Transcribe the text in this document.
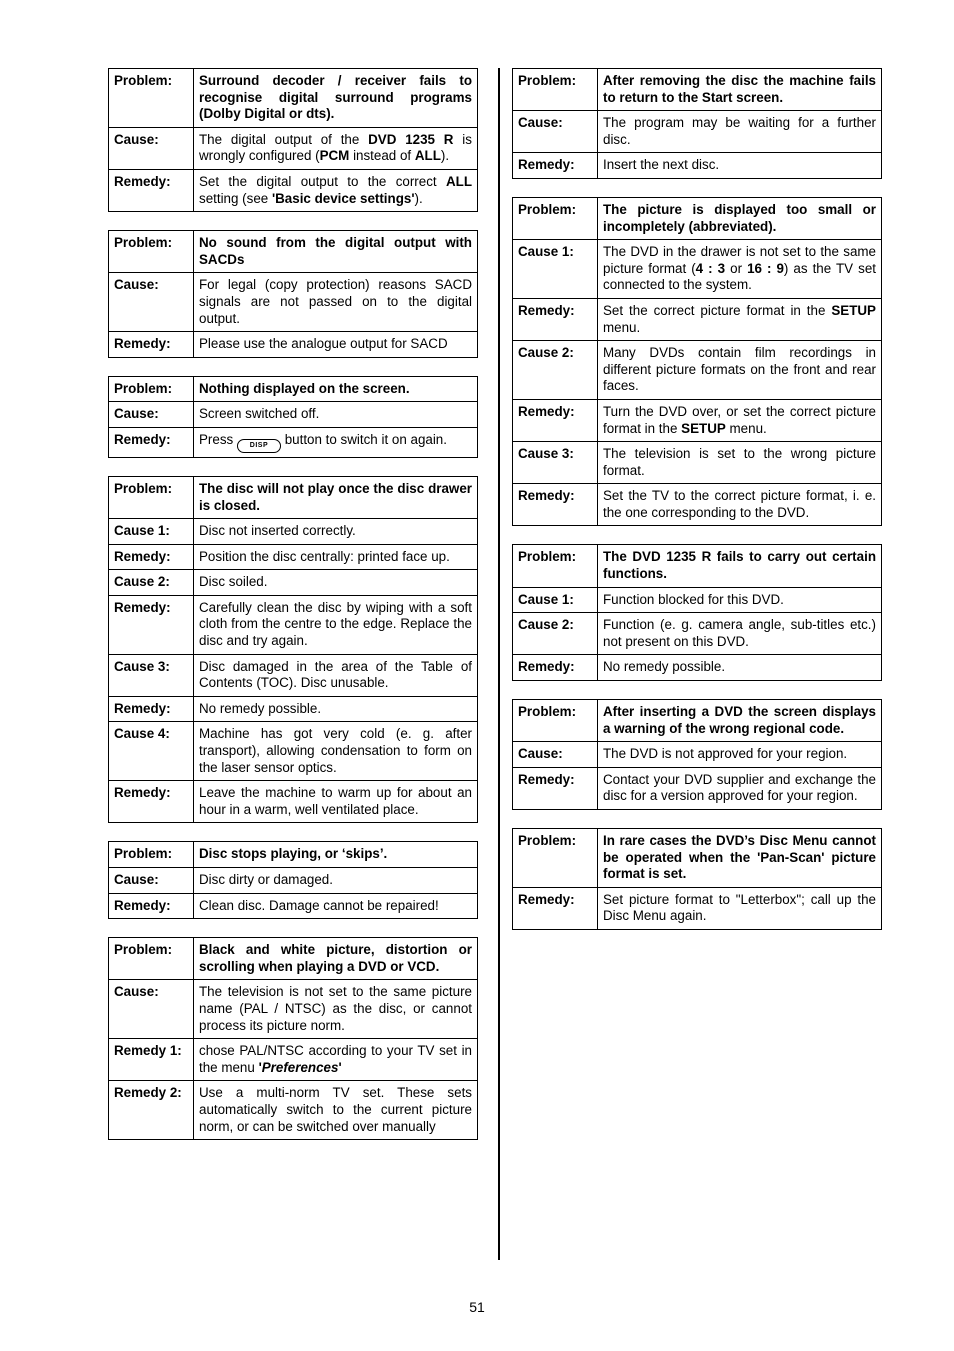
Problem:	Surround decoder / receiver fails to recognise digital surround programs (Dolby Digital or dts).
Cause:	The digital output of the DVD 1235 R is wrongly configured (PCM instead of ALL).
Remedy:	Set the digital output to the correct ALL setting (see 'Basic device settings').
Problem:	No sound from the digital output with SACDs
Cause:	For legal (copy protection) reasons SACD signals are not passed on to the digital output.
Remedy:	Please use the analogue output for SACD
Problem:	Nothing displayed on the screen.
Cause:	Screen switched off.
Remedy:	Press DISP button to switch it on again.
Problem:	The disc will not play once the disc drawer is closed.
Cause 1:	Disc not inserted correctly.
Remedy:	Position the disc centrally: printed face up.
Cause 2:	Disc soiled.
Remedy:	Carefully clean the disc by wiping with a soft cloth from the centre to the edge. Replace the disc and try again.
Cause 3:	Disc damaged in the area of the Table of Contents (TOC). Disc unusable.
Remedy:	No remedy possible.
Cause 4:	Machine has got very cold (e. g. after transport), allowing condensation to form on the laser sensor optics.
Remedy:	Leave the machine to warm up for about an hour in a warm, well ventilated place.
Problem:	Disc stops playing, or ‘skips’.
Cause:	Disc dirty or damaged.
Remedy:	Clean disc. Damage cannot be repaired!
Problem:	Black and white picture, distortion or scrolling when playing a DVD or VCD.
Cause:	The television is not set to the same picture name (PAL / NTSC) as the disc, or cannot process its picture norm.
Remedy 1:	chose PAL/NTSC according to your TV set in the menu 'Preferences'
Remedy 2:	Use a multi-norm TV set. These sets automatically switch to the current picture norm, or can be switched over manually
Problem:	After removing the disc the machine fails to return to the Start screen.
Cause:	The program may be waiting for a further disc.
Remedy:	Insert the next disc.
Problem:	The picture is displayed too small or incompletely (abbreviated).
Cause 1:	The DVD in the drawer is not set to the same picture format (4 : 3 or 16 : 9) as the TV set connected to the system.
Remedy:	Set the correct picture format in the SETUP menu.
Cause 2:	Many DVDs contain film recordings in different picture formats on the front and rear faces.
Remedy:	Turn the DVD over, or set the correct picture format in the SETUP menu.
Cause 3:	The television is set to the wrong picture format.
Remedy:	Set the TV to the correct picture format, i. e. the one corresponding to the DVD.
Problem:	The DVD 1235 R fails to carry out certain functions.
Cause 1:	Function blocked for this DVD.
Cause 2:	Function (e. g. camera angle, sub-titles etc.) not present on this DVD.
Remedy:	No remedy possible.
Problem:	After inserting a DVD the screen displays a warning of the wrong regional code.
Cause:	The DVD is not approved for your region.
Remedy:	Contact your DVD supplier and exchange the disc for a version approved for your region.
Problem:	In rare cases the DVD’s Disc Menu cannot be operated when the 'Pan-Scan' picture format is set.
Remedy:	Set picture format to "Letterbox"; call up the Disc Menu again.
51
